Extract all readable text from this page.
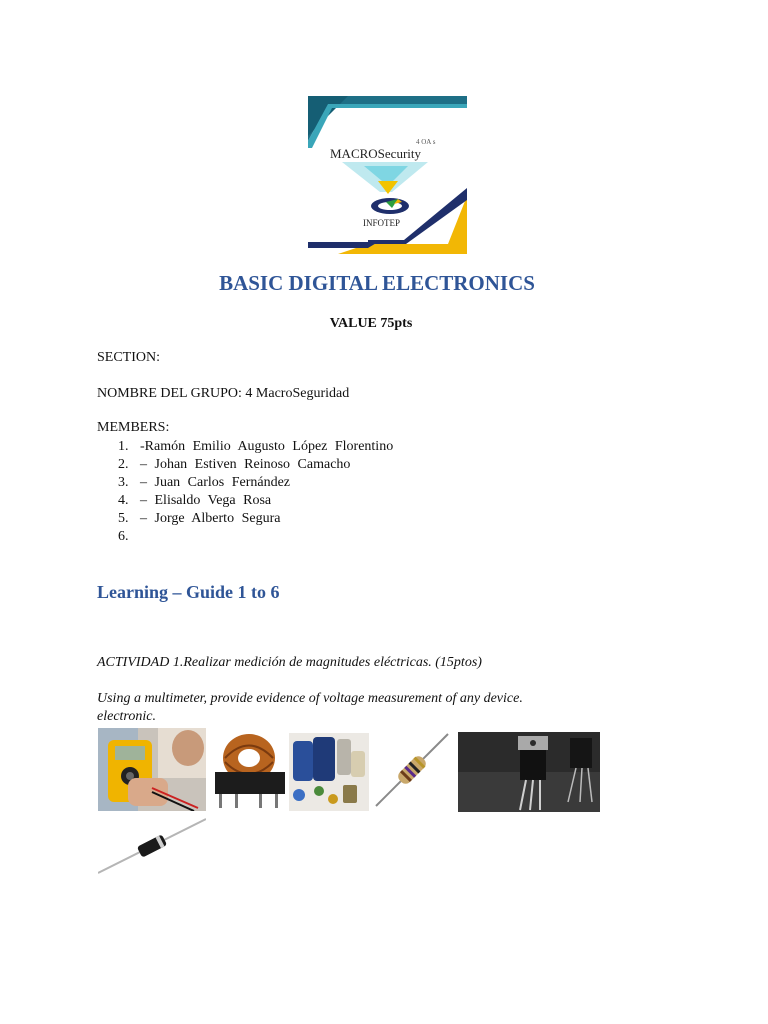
4 OA s
MACROSecurity
INFOTEP
BASIC DIGITAL ELECTRONICS
VALUE 75pts
SECTION:
NOMBRE DEL GRUPO: 4 MacroSeguridad
MEMBERS:
1. -Ramón Emilio Augusto López Florentino
2. – Johan Estiven Reinoso Camacho
3. – Juan Carlos Fernández
4. – Elisaldo Vega Rosa
5. – Jorge Alberto Segura
6.
Learning – Guide 1 to 6
ACTIVIDAD 1.Realizar medición de magnitudes eléctricas. (15ptos)
Using a multimeter, provide evidence of voltage measurement of any device.
electronic.
